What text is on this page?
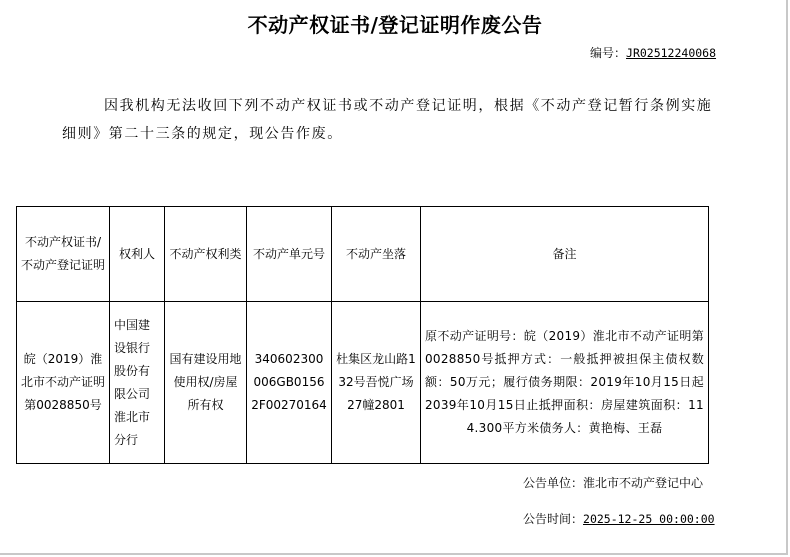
不动产权证书/登记证明作废公告
编号：JR02512240068
因我机构无法收回下列不动产权证书或不动产登记证明，根据《不动产登记暂行条例实施细则》第二十三条的规定，现公告作废。
不动产权证书/不动产登记证明	权利人	不动产权利类	不动产单元号	不动产坐落	备注
皖（2019）淮北市不动产证明第0028850号	中国建设银行股份有限公司淮北市分行	国有建设用地使用权/房屋所有权	340602300006GB01562F00270164	杜集区龙山路132号吾悦广场27幢2801	原不动产证明号：皖（2019）淮北市不动产证明第0028850号抵押方式：一般抵押被担保主债权数额：50万元；履行债务期限：2019年10月15日起2039年10月15日止抵押面积：房屋建筑面积：114.300平方米债务人：黄艳梅、王磊
公告单位：淮北市不动产登记中心
公告时间：2025-12-25 00:00:00
